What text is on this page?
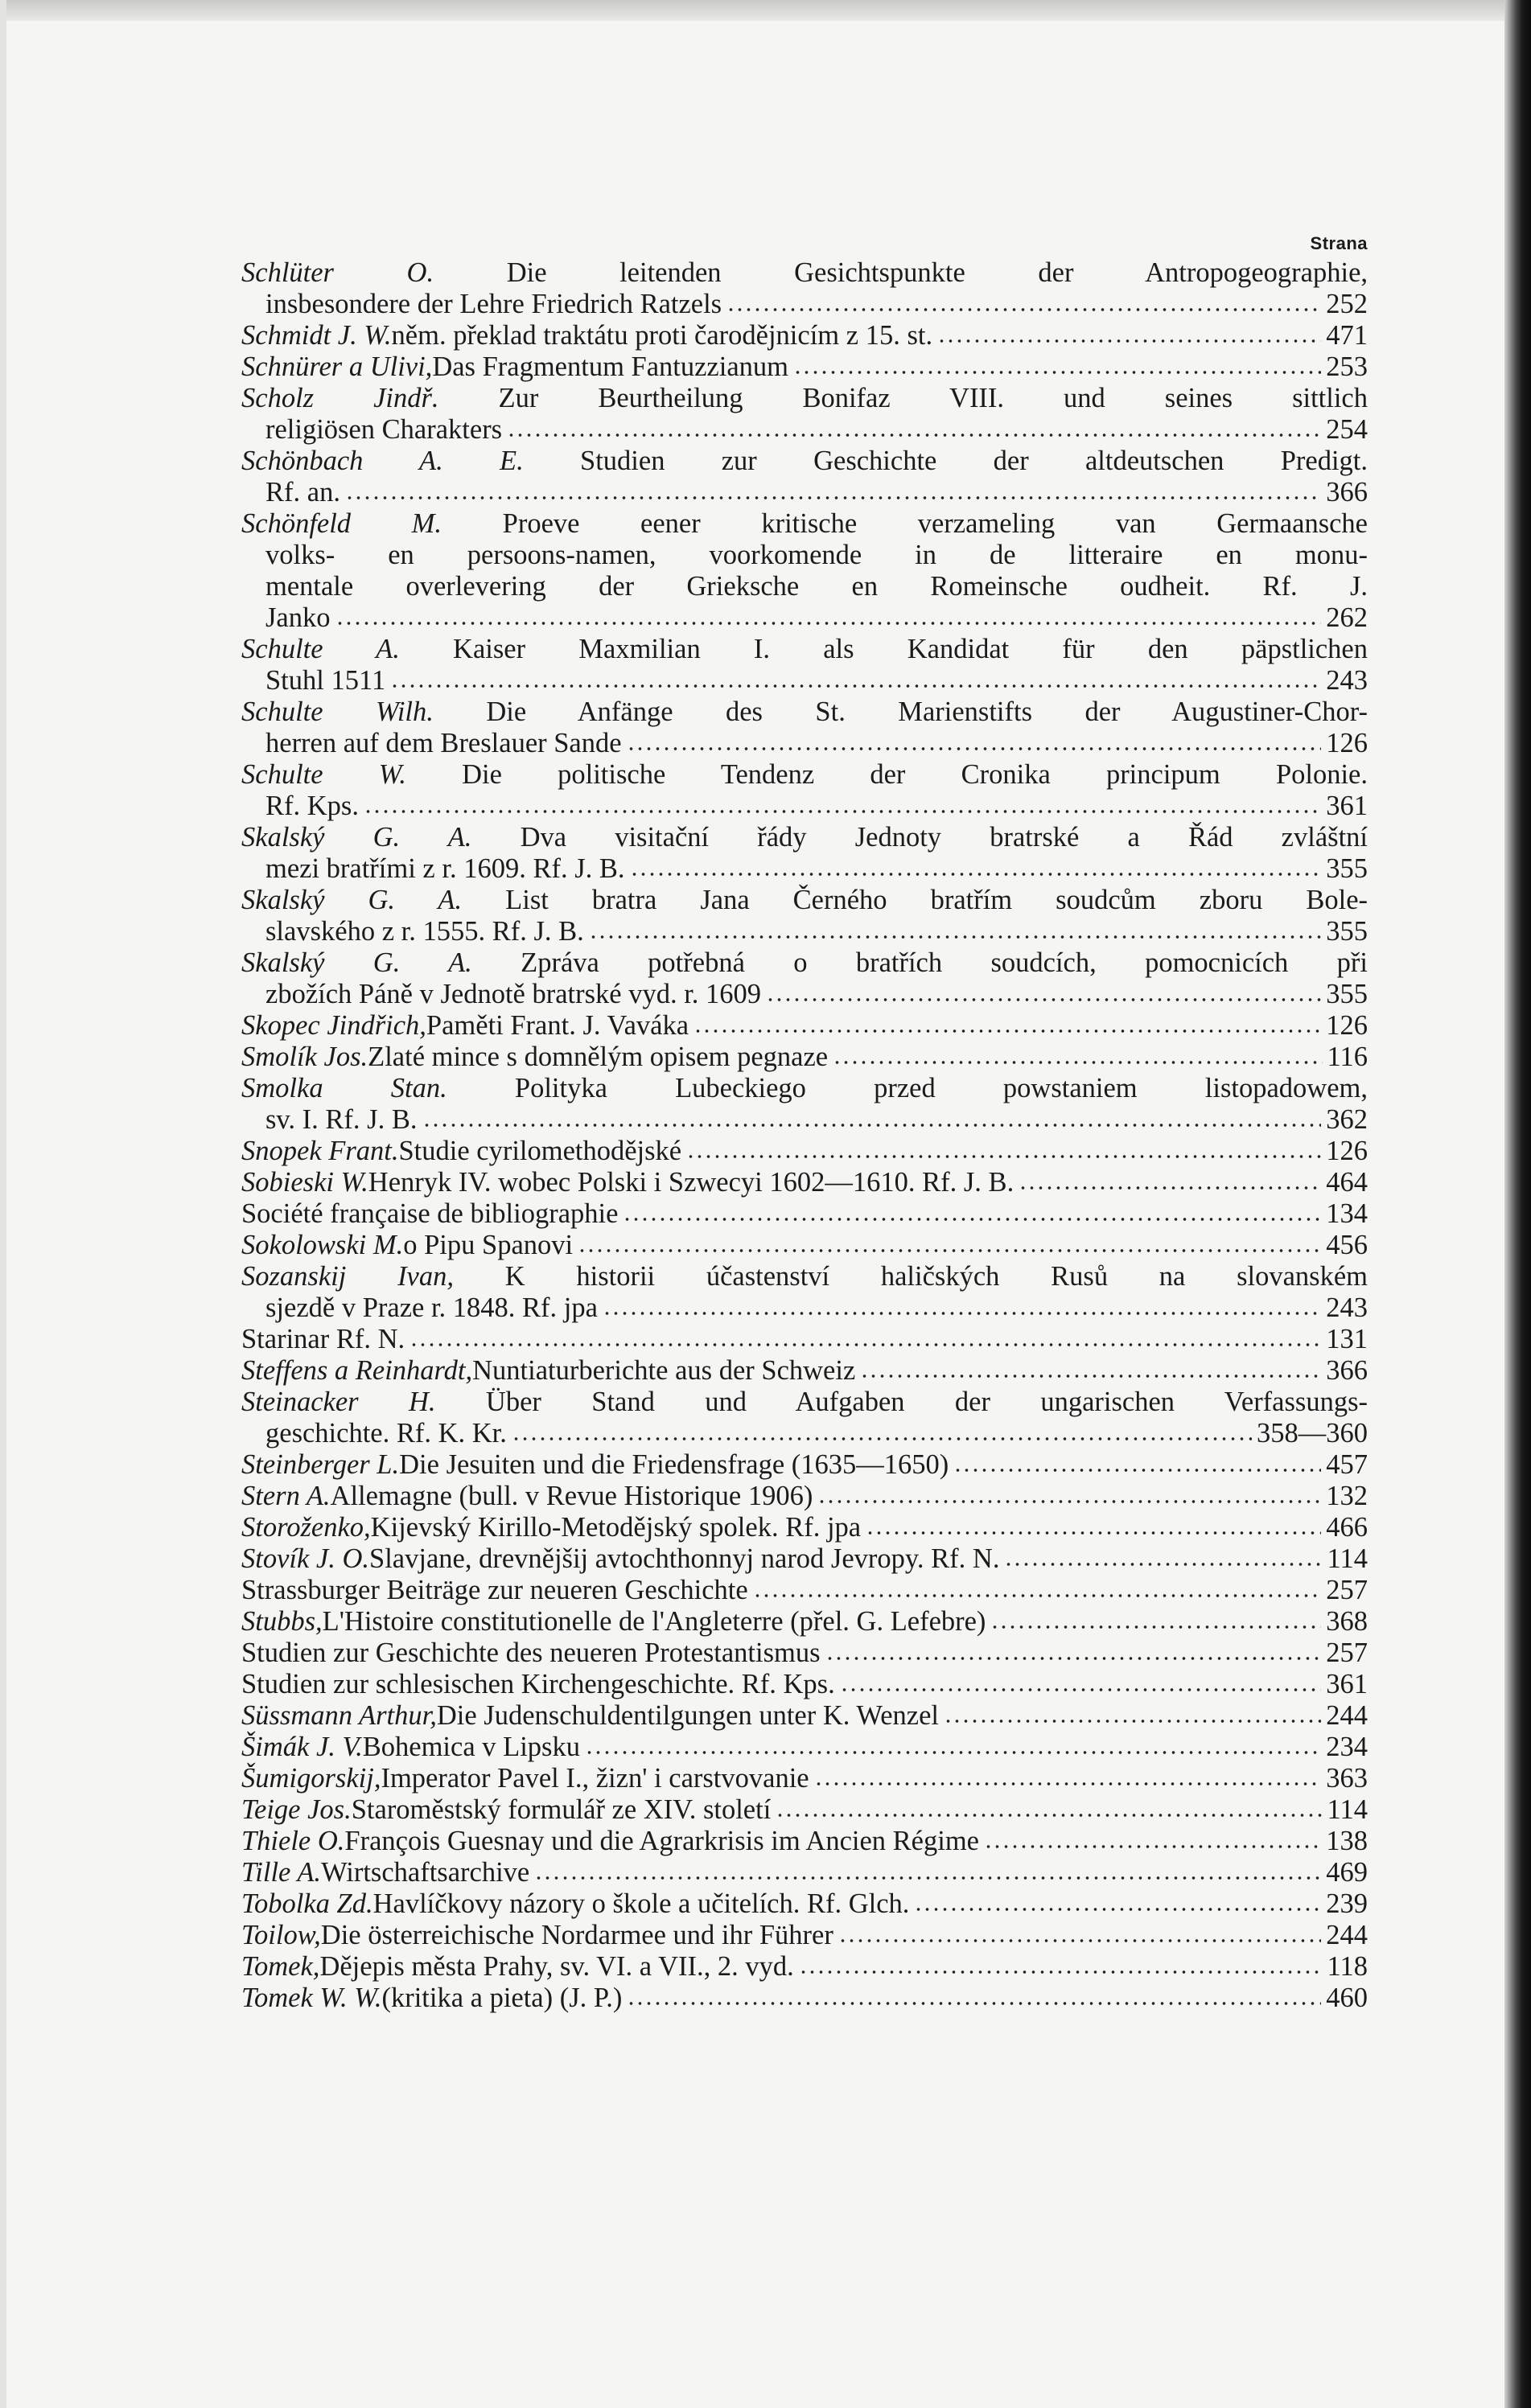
Strana
Schlüter O. Die leitenden Gesichtspunkte der Antropogeographie,
insbesondere der Lehre Friedrich Ratzels	252
Schmidt J. W. něm. překlad traktátu proti čarodějnicím z 15. st.	471
Schnürer a Ulivi, Das Fragmentum Fantuzzianum	253
Scholz Jindř. Zur Beurtheilung Bonifaz VIII. und seines sittlich
religiösen Charakters	254
Schönbach A. E. Studien zur Geschichte der altdeutschen Predigt.
Rf. an.	366
Schönfeld M. Proeve eener kritische verzameling van Germaansche
volks- en persoons-namen, voorkomende in de litteraire en monu-
mentale overlevering der Grieksche en Romeinsche oudheit. Rf. J.
Janko	262
Schulte A. Kaiser Maxmilian I. als Kandidat für den päpstlichen
Stuhl 1511	243
Schulte Wilh. Die Anfänge des St. Marienstifts der Augustiner-Chor-
herren auf dem Breslauer Sande	126
Schulte W. Die politische Tendenz der Cronika principum Polonie.
Rf. Kps.	361
Skalský G. A. Dva visitační řády Jednoty bratrské a Řád zvláštní
mezi bratřími z r. 1609. Rf. J. B.	355
Skalský G. A. List bratra Jana Černého bratřím soudcům zboru Bole-
slavského z r. 1555. Rf. J. B.	355
Skalský G. A. Zpráva potřebná o bratřích soudcích, pomocnicích při
zbožích Páně v Jednotě bratrské vyd. r. 1609	355
Skopec Jindřich, Paměti Frant. J. Vaváka	126
Smolík Jos. Zlaté mince s domnělým opisem pegnaze	116
Smolka Stan. Polityka Lubeckiego przed powstaniem listopadowem,
sv. I. Rf. J. B.	362
Snopek Frant. Studie cyrilomethodějské	126
Sobieski W. Henryk IV. wobec Polski i Szwecyi 1602—1610. Rf. J. B.	464
Société française de bibliographie	134
Sokolowski M. o Pipu Spanovi	456
Sozanskij Ivan, K historii účastenství haličských Rusů na slovanském
sjezdě v Praze r. 1848. Rf. jpa	243
Starinar Rf. N.	131
Steffens a Reinhardt, Nuntiaturberichte aus der Schweiz	366
Steinacker H. Über Stand und Aufgaben der ungarischen Verfassungs-
geschichte. Rf. K. Kr.	358—360
Steinberger L. Die Jesuiten und die Friedensfrage (1635—1650)	457
Stern A. Allemagne (bull. v Revue Historique 1906)	132
Storoženko, Kijevský Kirillo-Metodějský spolek. Rf. jpa	466
Stovík J. O. Slavjane, drevnějšij avtochthonnyj narod Jevropy. Rf. N.	114
Strassburger Beiträge zur neueren Geschichte	257
Stubbs, L'Histoire constitutionelle de l'Angleterre (přel. G. Lefebre)	368
Studien zur Geschichte des neueren Protestantismus	257
Studien zur schlesischen Kirchengeschichte. Rf. Kps.	361
Süssmann Arthur, Die Judenschuldentilgungen unter K. Wenzel	244
Šimák J. V. Bohemica v Lipsku	234
Šumigorskij, Imperator Pavel I., žizn' i carstvovanie	363
Teige Jos. Staroměstský formulář ze XIV. století	114
Thiele O. François Guesnay und die Agrarkrisis im Ancien Régime	138
Tille A. Wirtschaftsarchive	469
Tobolka Zd. Havlíčkovy názory o škole a učitelích. Rf. Glch.	239
Toilow, Die österreichische Nordarmee und ihr Führer	244
Tomek, Dějepis města Prahy, sv. VI. a VII., 2. vyd.	118
Tomek W. W. (kritika a pieta) (J. P.)	460
